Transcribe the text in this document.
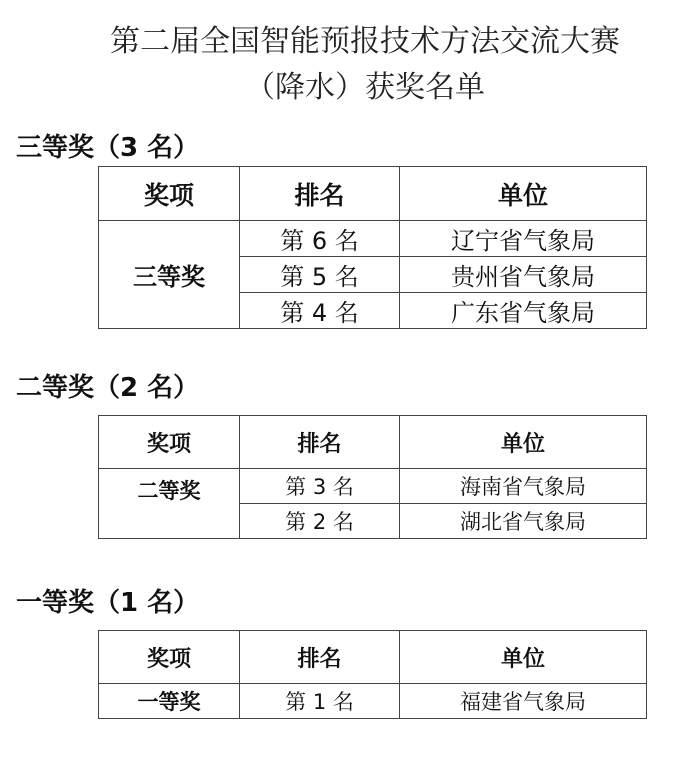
第二届全国智能预报技术方法交流大赛
（降水）获奖名单
三等奖（3 名）
奖项	排名	单位
三等奖	第 6 名	辽宁省气象局
	第 5 名	贵州省气象局
	第 4 名	广东省气象局
二等奖（2 名）
奖项	排名	单位
二等奖	第 3 名	海南省气象局
	第 2 名	湖北省气象局
一等奖（1 名）
奖项	排名	单位
一等奖	第 1 名	福建省气象局
